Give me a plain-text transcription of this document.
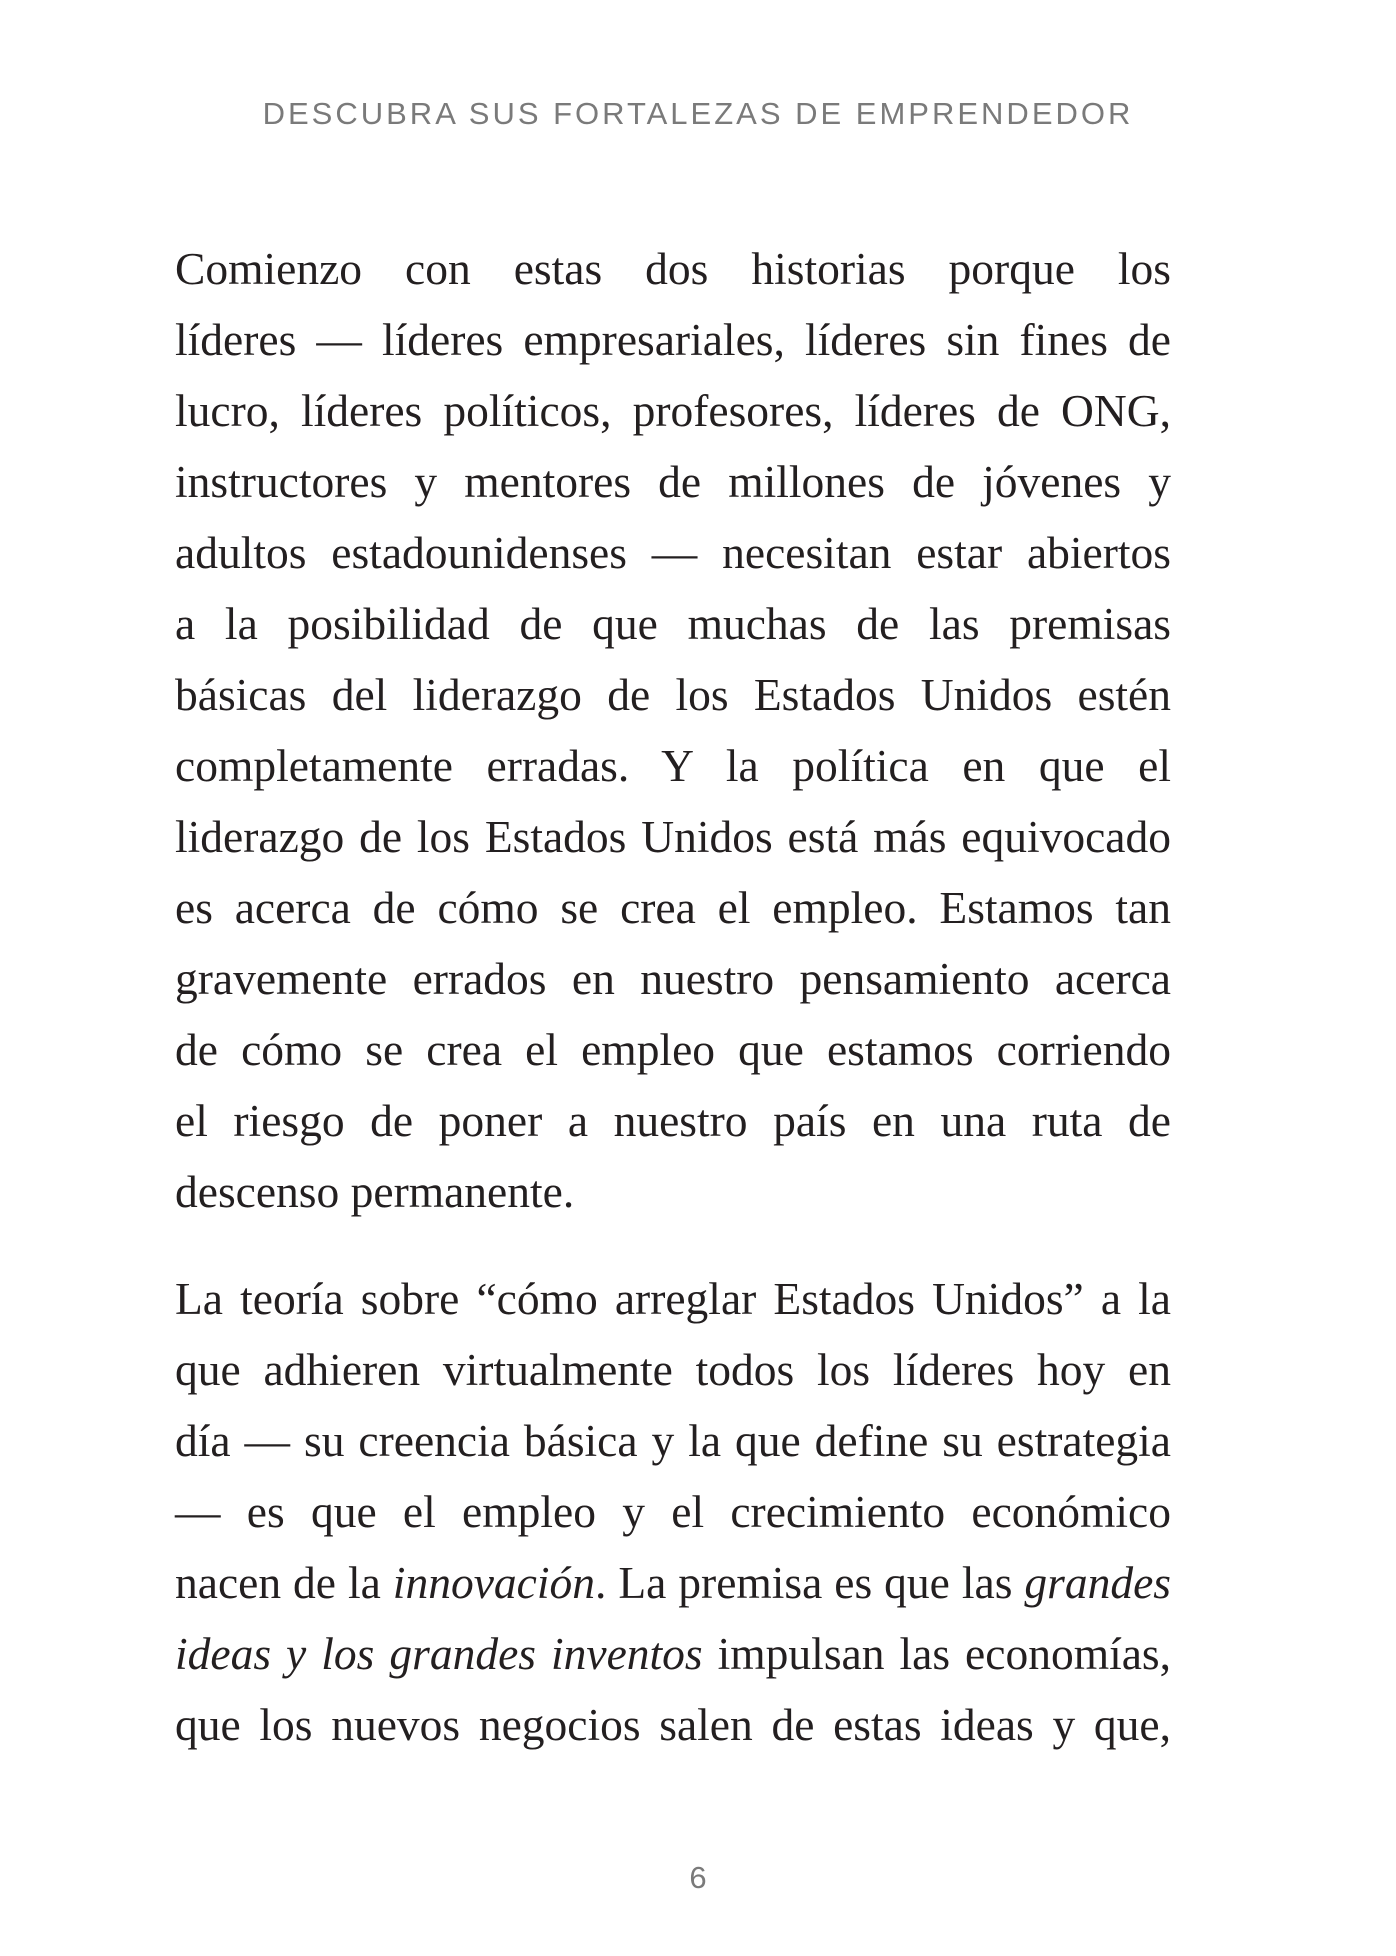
DESCUBRA SUS FORTALEZAS DE EMPRENDEDOR

Comienzo con estas dos historias porque los
líderes — líderes empresariales, líderes sin fines de
lucro, líderes políticos, profesores, líderes de ONG,
instructores y mentores de millones de jóvenes y
adultos estadounidenses — necesitan estar abiertos
a la posibilidad de que muchas de las premisas
básicas del liderazgo de los Estados Unidos estén
completamente erradas. Y la política en que el
liderazgo de los Estados Unidos está más equivocado
es acerca de cómo se crea el empleo. Estamos tan
gravemente errados en nuestro pensamiento acerca
de cómo se crea el empleo que estamos corriendo
el riesgo de poner a nuestro país en una ruta de
descenso permanente.

La teoría sobre “cómo arreglar Estados Unidos” a la
que adhieren virtualmente todos los líderes hoy en
día — su creencia básica y la que define su estrategia
— es que el empleo y el crecimiento económico
nacen de la innovación. La premisa es que las grandes
ideas y los grandes inventos impulsan las economías,
que los nuevos negocios salen de estas ideas y que,

6
